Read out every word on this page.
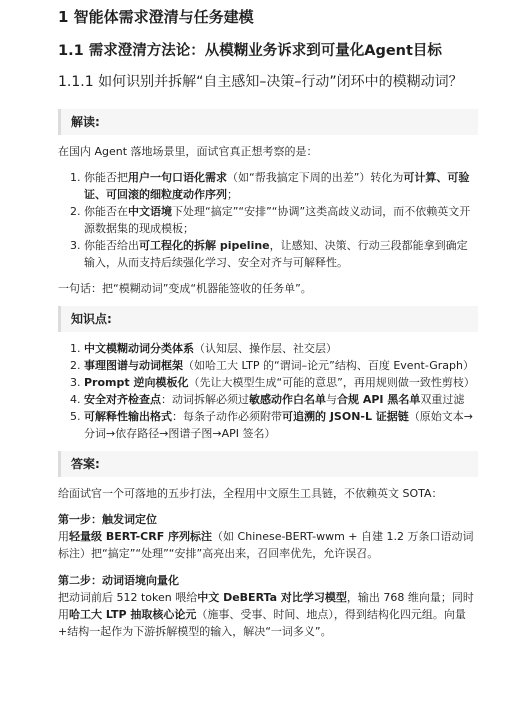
1 智能体需求澄清与任务建模
1.1 需求澄清方法论：从模糊业务诉求到可量化Agent目标
1.1.1 如何识别并拆解“自主感知–决策–行动”闭环中的模糊动词？
解读:

在国内 Agent 落地场景里，面试官真正想考察的是：

1. 你能否把用户一句口语化需求（如“帮我搞定下周的出差”）转化为可计算、可验证、可回滚的细粒度动作序列；
2. 你能否在中文语境下处理“搞定”“安排”“协调”这类高歧义动词，而不依赖英文开源数据集的现成模板；
3. 你能否给出可工程化的拆解 pipeline，让感知、决策、行动三段都能拿到确定输入，从而支持后续强化学习、安全对齐与可解释性。

一句话：把“模糊动词”变成“机器能签收的任务单”。

知识点:
1. 中文模糊动词分类体系（认知层、操作层、社交层）
2. 事理图谱与动词框架（如哈工大 LTP 的“谓词–论元”结构、百度 Event-Graph）
3. Prompt 逆向模板化（先让大模型生成“可能的意思”，再用规则做一致性剪枝）
4. 安全对齐检查点：动词拆解必须过敏感动作白名单与合规 API 黑名单双重过滤
5. 可解释性输出格式：每条子动作必须附带可追溯的 JSON-L 证据链（原始文本→分词→依存路径→图谱子图→API 签名）
答案:

给面试官一个可落地的五步打法，全程用中文原生工具链，不依赖英文 SOTA：

第一步：触发词定位
用轻量级 BERT-CRF 序列标注（如 Chinese-BERT-wwm + 自建 1.2 万条口语动词标注）把“搞定”“处理”“安排”高亮出来，召回率优先，允许误召。
第二步：动词语境向量化
把动词前后 512 token 喂给中文 DeBERTa 对比学习模型，输出 768 维向量；同时用哈工大 LTP 抽取核心论元（施事、受事、时间、地点），得到结构化四元组。向量+结构一起作为下游拆解模型的输入，解决“一词多义”。
